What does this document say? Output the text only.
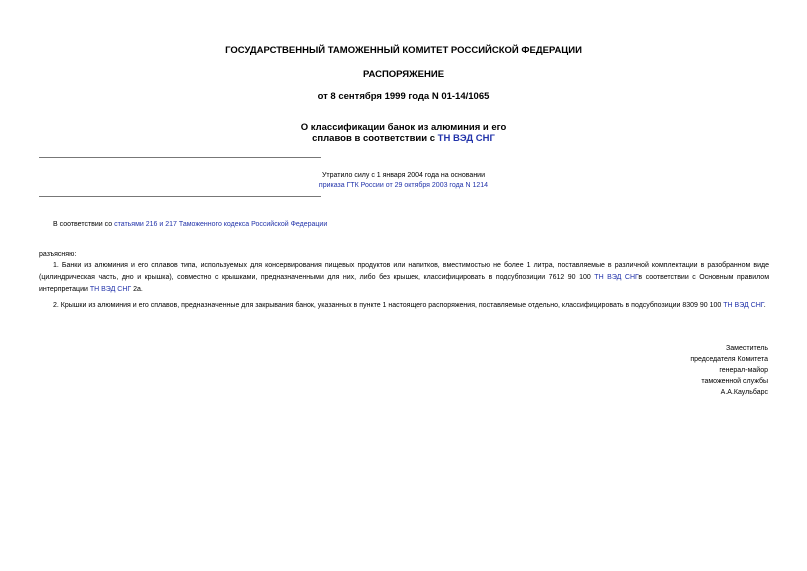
ГОСУДАРСТВЕННЫЙ ТАМОЖЕННЫЙ КОМИТЕТ РОССИЙСКОЙ ФЕДЕРАЦИИ
РАСПОРЯЖЕНИЕ
от 8 сентября 1999 года N 01-14/1065
О классификации банок из алюминия и его
сплавов в соответствии с ТН ВЭД СНГ
Утратило силу с 1 января 2004 года на основании
приказа ГТК России от 29 октября 2003 года N 1214
В соответствии со статьями 216 и 217 Таможенного кодекса Российской Федерации
разъясняю:
1. Банки из алюминия и его сплавов типа, используемых для консервирования пищевых продуктов или напитков, вместимостью не более 1 литра, поставляемые в различной комплектации в разобранном виде (цилиндрическая часть, дно и крышка), совместно с крышками, предназначенными для них, либо без крышек, классифицировать в подсубпозиции 7612 90 100 ТН ВЭД СНГв соответствии с Основным правилом интерпретации ТН ВЭД СНГ 2а.
2. Крышки из алюминия и его сплавов, предназначенные для закрывания банок, указанных в пункте 1 настоящего распоряжения, поставляемые отдельно, классифицировать в подсубпозиции 8309 90 100 ТН ВЭД СНГ.
Заместитель
председателя Комитета
генерал-майор
таможенной службы
А.А.Каульбарс
